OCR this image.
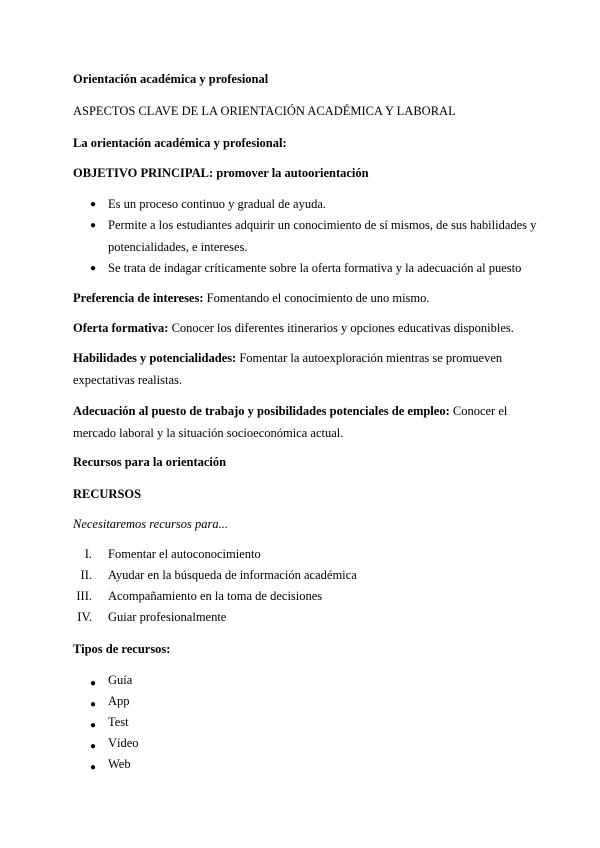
Orientación académica y profesional
ASPECTOS CLAVE DE LA ORIENTACIÓN ACADÉMICA Y LABORAL
La orientación académica y profesional:
OBJETIVO PRINCIPAL: promover la autoorientación
● Es un proceso continuo y gradual de ayuda.
● Permite a los estudiantes adquirir un conocimiento de sí mismos, de sus habilidades y potencialidades, e intereses.
● Se trata de indagar críticamente sobre la oferta formativa y la adecuación al puesto
Preferencia de intereses: Fomentando el conocimiento de uno mismo.
Oferta formativa: Conocer los diferentes itinerarios y opciones educativas disponibles.
Habilidades y potencialidades: Fomentar la autoexploración mientras se promueven expectativas realistas.
Adecuación al puesto de trabajo y posibilidades potenciales de empleo: Conocer el mercado laboral y la situación socioeconómica actual.
Recursos para la orientación
RECURSOS
Necesitaremos recursos para...
I. Fomentar el autoconocimiento
II. Ayudar en la búsqueda de información académica
III. Acompañamiento en la toma de decisiones
IV. Guiar profesionalmente
Tipos de recursos:
● Guía
● App
● Test
● Vídeo
● Web
